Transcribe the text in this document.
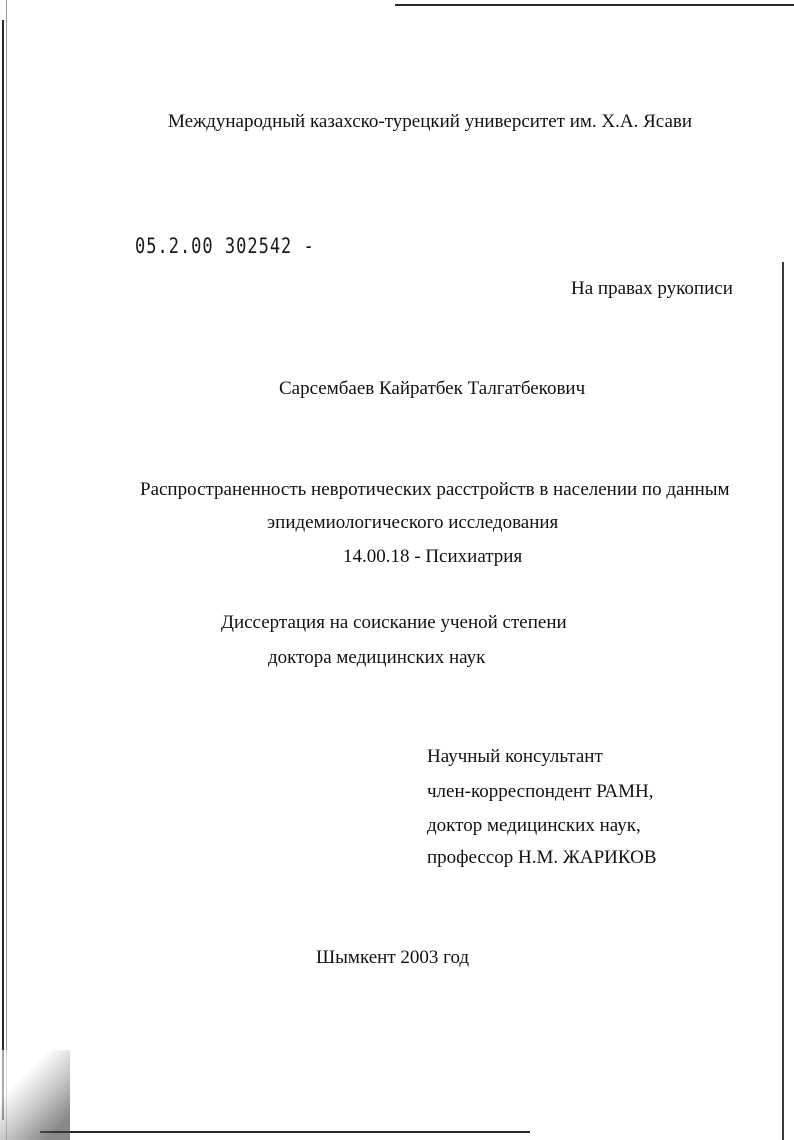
Международный казахско-турецкий университет им. Х.А. Ясави
05.2.00 302542 -
На правах рукописи
Сарсембаев Кайратбек Талгатбекович
Распространенность невротических расстройств в населении по данным
эпидемиологического исследования
14.00.18 - Психиатрия
Диссертация на соискание ученой степени
доктора медицинских наук
Научный консультант
член-корреспондент РАМН,
доктор медицинских наук,
профессор Н.М. ЖАРИКОВ
Шымкент 2003 год
